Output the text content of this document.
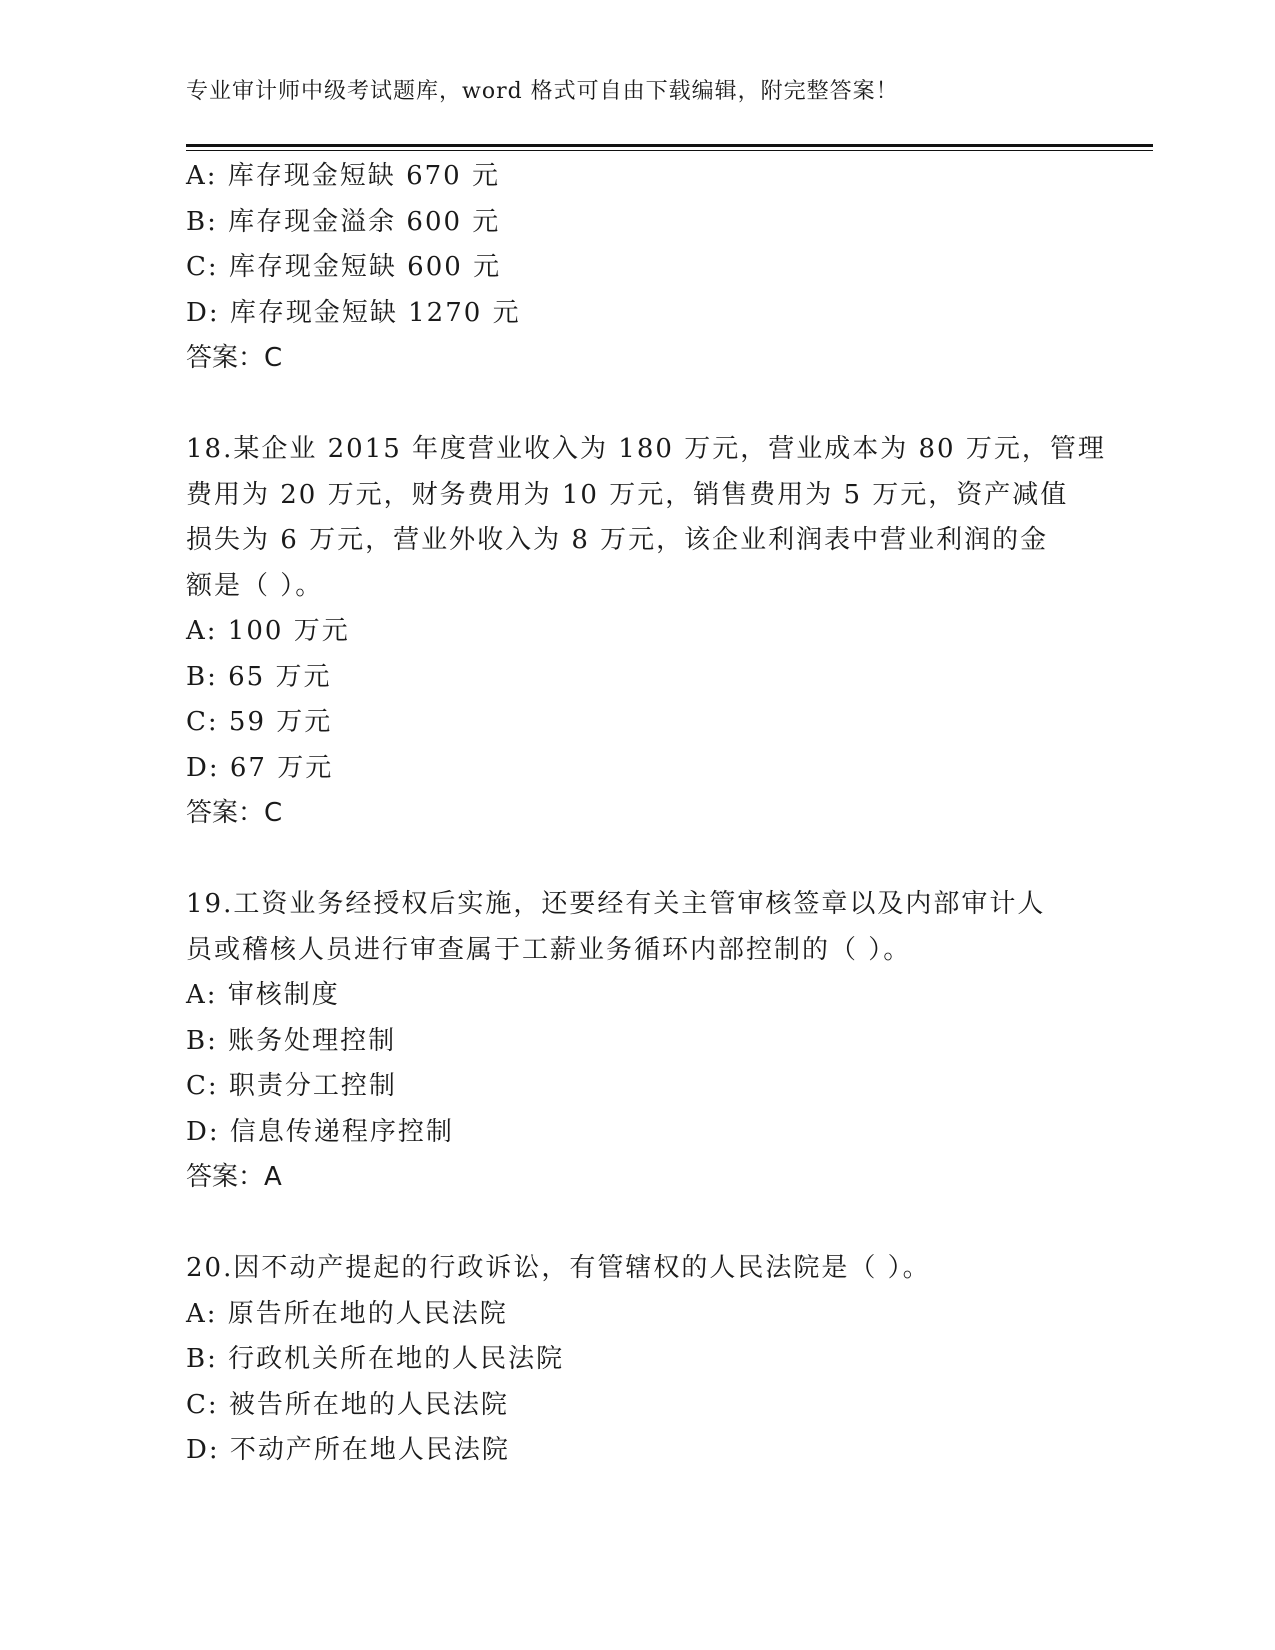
专业审计师中级考试题库，word 格式可自由下载编辑，附完整答案！
A: 库存现金短缺 670 元
B: 库存现金溢余 600 元
C: 库存现金短缺 600 元
D: 库存现金短缺 1270 元
答案：C
18.某企业 2015 年度营业收入为 180 万元，营业成本为 80 万元，管理
费用为 20 万元，财务费用为 10 万元，销售费用为 5 万元，资产减值
损失为 6 万元，营业外收入为 8 万元，该企业利润表中营业利润的金
额是（ ）。
A: 100 万元
B: 65 万元
C: 59 万元
D: 67 万元
答案：C
19.工资业务经授权后实施，还要经有关主管审核签章以及内部审计人
员或稽核人员进行审查属于工薪业务循环内部控制的（ ）。
A: 审核制度
B: 账务处理控制
C: 职责分工控制
D: 信息传递程序控制
答案：A
20.因不动产提起的行政诉讼，有管辖权的人民法院是（ ）。
A: 原告所在地的人民法院
B: 行政机关所在地的人民法院
C: 被告所在地的人民法院
D: 不动产所在地人民法院
